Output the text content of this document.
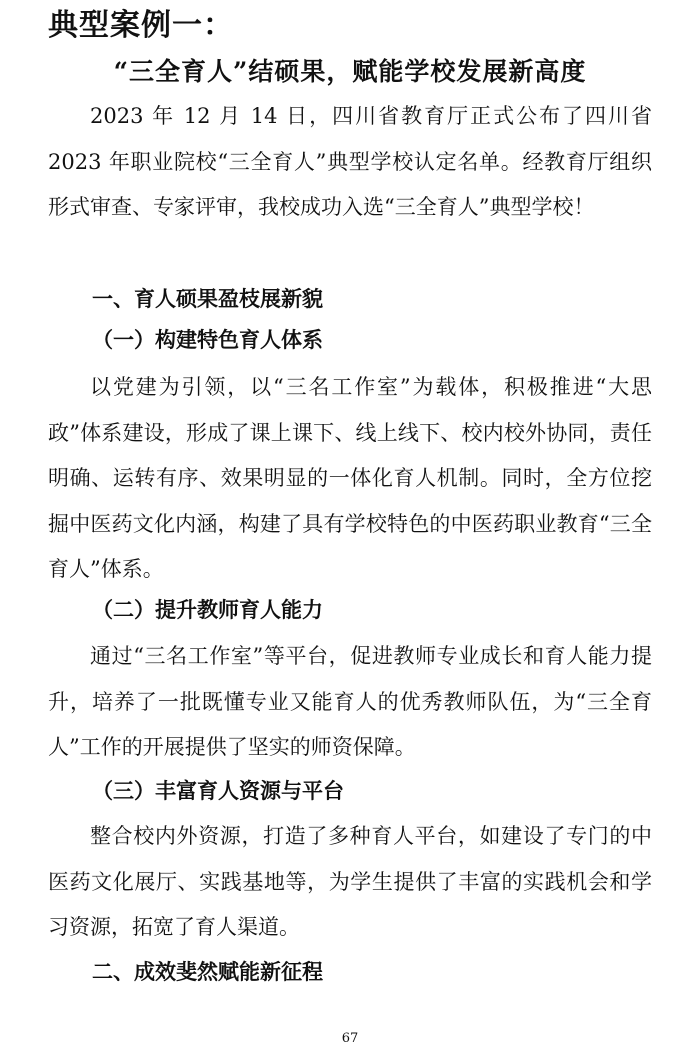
典型案例一：
“三全育人”结硕果，赋能学校发展新高度

2023 年 12 月 14 日，四川省教育厅正式公布了四川省 2023 年职业院校“三全育人”典型学校认定名单。经教育厅组织形式审查、专家评审，我校成功入选“三全育人”典型学校！

一、育人硕果盈枝展新貌
（一）构建特色育人体系

以党建为引领，以“三名工作室”为载体，积极推进“大思政”体系建设，形成了课上课下、线上线下、校内校外协同，责任明确、运转有序、效果明显的一体化育人机制。同时，全方位挖掘中医药文化内涵，构建了具有学校特色的中医药职业教育“三全育人”体系。

（二）提升教师育人能力

通过“三名工作室”等平台，促进教师专业成长和育人能力提升，培养了一批既懂专业又能育人的优秀教师队伍，为“三全育人”工作的开展提供了坚实的师资保障。

（三）丰富育人资源与平台

整合校内外资源，打造了多种育人平台，如建设了专门的中医药文化展厅、实践基地等，为学生提供了丰富的实践机会和学习资源，拓宽了育人渠道。

二、成效斐然赋能新征程
67
